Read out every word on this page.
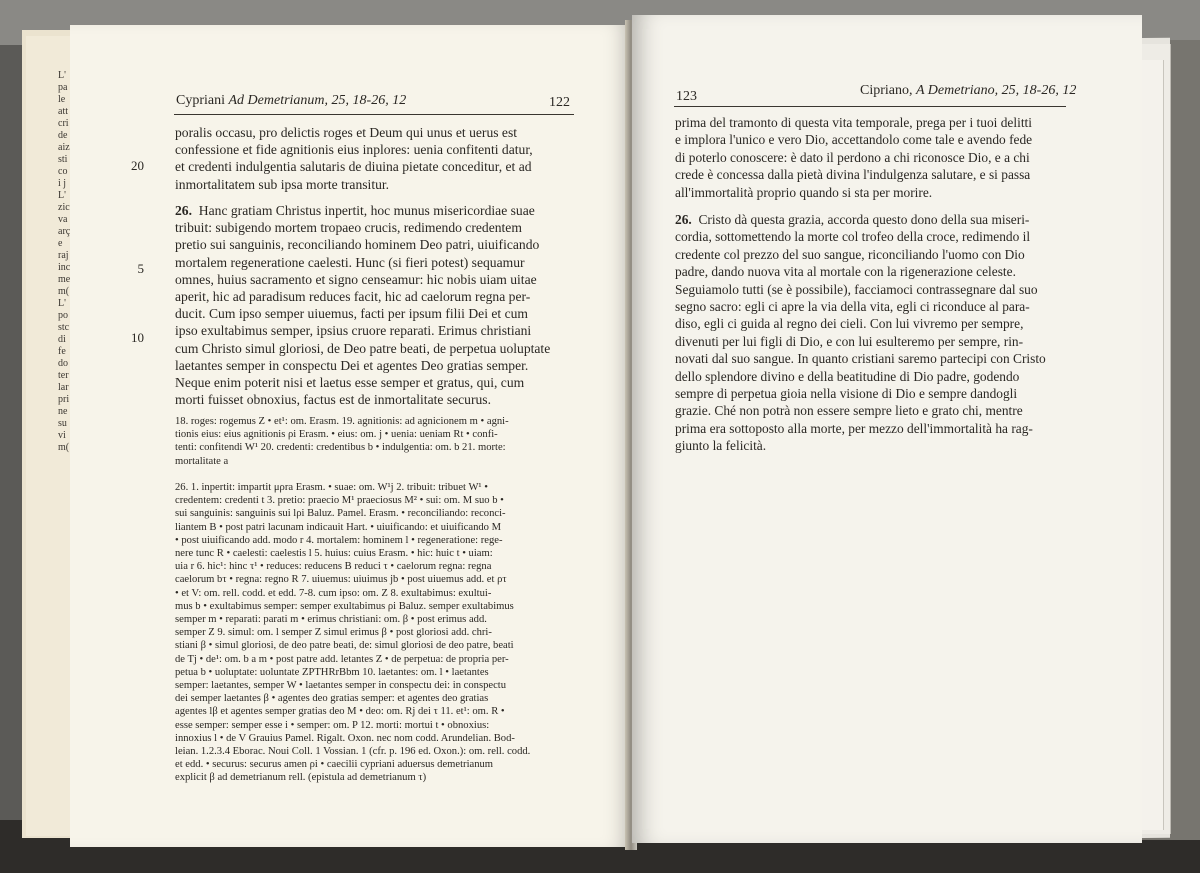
L'
pa
le
att
cri
de
aiz
sti
co
i j
L'
zic
va
arç
e
raj
inc
me
m(
L'
po
stc
di
fe
do
ter
lar
pri
ne
su
vi
m(
Cypriani Ad Demetrianum, 25, 18-26, 12	122
20
5
10
poralis occasu, pro delictis roges et Deum qui unus et uerus est
confessione et fide agnitionis eius inplores: uenia confitenti datur,
et credenti indulgentia salutaris de diuina pietate conceditur, et ad
inmortalitatem sub ipsa morte transitur.
26. Hanc gratiam Christus inpertit, hoc munus misericordiae suae
tribuit: subigendo mortem tropaeo crucis, redimendo credentem
pretio sui sanguinis, reconciliando hominem Deo patri, uiuificando
mortalem regeneratione caelesti. Hunc (si fieri potest) sequamur
omnes, huius sacramento et signo censeamur: hic nobis uiam uitae
aperit, hic ad paradisum reduces facit, hic ad caelorum regna per-
ducit. Cum ipso semper uiuemus, facti per ipsum filii Dei et cum
ipso exultabimus semper, ipsius cruore reparati. Erimus christiani
cum Christo simul gloriosi, de Deo patre beati, de perpetua uoluptate
laetantes semper in conspectu Dei et agentes Deo gratias semper.
Neque enim poterit nisi et laetus esse semper et gratus, qui, cum
morti fuisset obnoxius, factus est de inmortalitate securus.
18. roges: rogemus Z • et¹: om. Erasm. 19. agnitionis: ad agnicionem m • agni-
tionis eius: eius agnitionis ρi Erasm. • eius: om. j • uenia: ueniam Rt • confi-
tenti: confitendi W¹ 20. credenti: credentibus b • indulgentia: om. b 21. morte:
mortalitate a
26. 1. inpertit: impartit μρra Erasm. • suae: om. W¹j 2. tribuit: tribuet W¹ •
credentem: credenti t 3. pretio: praecio M¹ praeciosus M² • sui: om. M suo b •
sui sanguinis: sanguinis sui lρi Baluz. Pamel. Erasm. • reconciliando: reconci-
liantem B • post patri lacunam indicauit Hart. • uiuificando: et uiuificando M
• post uiuificando add. modo r 4. mortalem: hominem l • regeneratione: rege-
nere tunc R • caelesti: caelestis l 5. huius: cuius Erasm. • hic: huic t • uiam:
uia r 6. hic¹: hinc τ¹ • reduces: reducens B reduci τ • caelorum regna: regna
caelorum bτ • regna: regno R 7. uiuemus: uiuimus jb • post uiuemus add. et ρτ
• et V: om. rell. codd. et edd. 7-8. cum ipso: om. Z 8. exultabimus: exultui-
mus b • exultabimus semper: semper exultabimus ρi Baluz. semper exultabimus
semper m • reparati: parati m • erimus christiani: om. β • post erimus add.
semper Z 9. simul: om. l semper Z simul erimus β • post gloriosi add. chri-
stiani β • simul gloriosi, de deo patre beati, de: simul gloriosi de deo patre, beati
de Tj • de¹: om. b a m • post patre add. letantes Z • de perpetua: de propria per-
petua b • uoluptate: uoluntate ZPTHRrBbm 10. laetantes: om. l • laetantes
semper: laetantes, semper W • laetantes semper in conspectu dei: in conspectu
dei semper laetantes β • agentes deo gratias semper: et agentes deo gratias
agentes lβ et agentes semper gratias deo M • deo: om. Rj dei τ 11. et¹: om. R •
esse semper: semper esse i • semper: om. P 12. morti: mortui t • obnoxius:
innoxius l • de V Grauius Pamel. Rigalt. Oxon. nec nom codd. Arundelian. Bod-
leian. 1.2.3.4 Eborac. Noui Coll. 1 Vossian. 1 (cfr. p. 196 ed. Oxon.): om. rell. codd.
et edd. • securus: securus amen ρi • caecilii cypriani aduersus demetrianum
explicit β ad demetrianum rell. (epistula ad demetrianum τ)
123	Cipriano, A Demetriano, 25, 18-26, 12
prima del tramonto di questa vita temporale, prega per i tuoi delitti
e implora l'unico e vero Dio, accettandolo come tale e avendo fede
di poterlo conoscere: è dato il perdono a chi riconosce Dio, e a chi
crede è concessa dalla pietà divina l'indulgenza salutare, e si passa
all'immortalità proprio quando si sta per morire.
26. Cristo dà questa grazia, accorda questo dono della sua miseri-
cordia, sottomettendo la morte col trofeo della croce, redimendo il
credente col prezzo del suo sangue, riconciliando l'uomo con Dio
padre, dando nuova vita al mortale con la rigenerazione celeste.
Seguiamolo tutti (se è possibile), facciamoci contrassegnare dal suo
segno sacro: egli ci apre la via della vita, egli ci riconduce al para-
diso, egli ci guida al regno dei cieli. Con lui vivremo per sempre,
divenuti per lui figli di Dio, e con lui esulteremo per sempre, rin-
novati dal suo sangue. In quanto cristiani saremo partecipi con Cristo
dello splendore divino e della beatitudine di Dio padre, godendo
sempre di perpetua gioia nella visione di Dio e sempre dandogli
grazie. Ché non potrà non essere sempre lieto e grato chi, mentre
prima era sottoposto alla morte, per mezzo dell'immortalità ha rag-
giunto la felicità.
